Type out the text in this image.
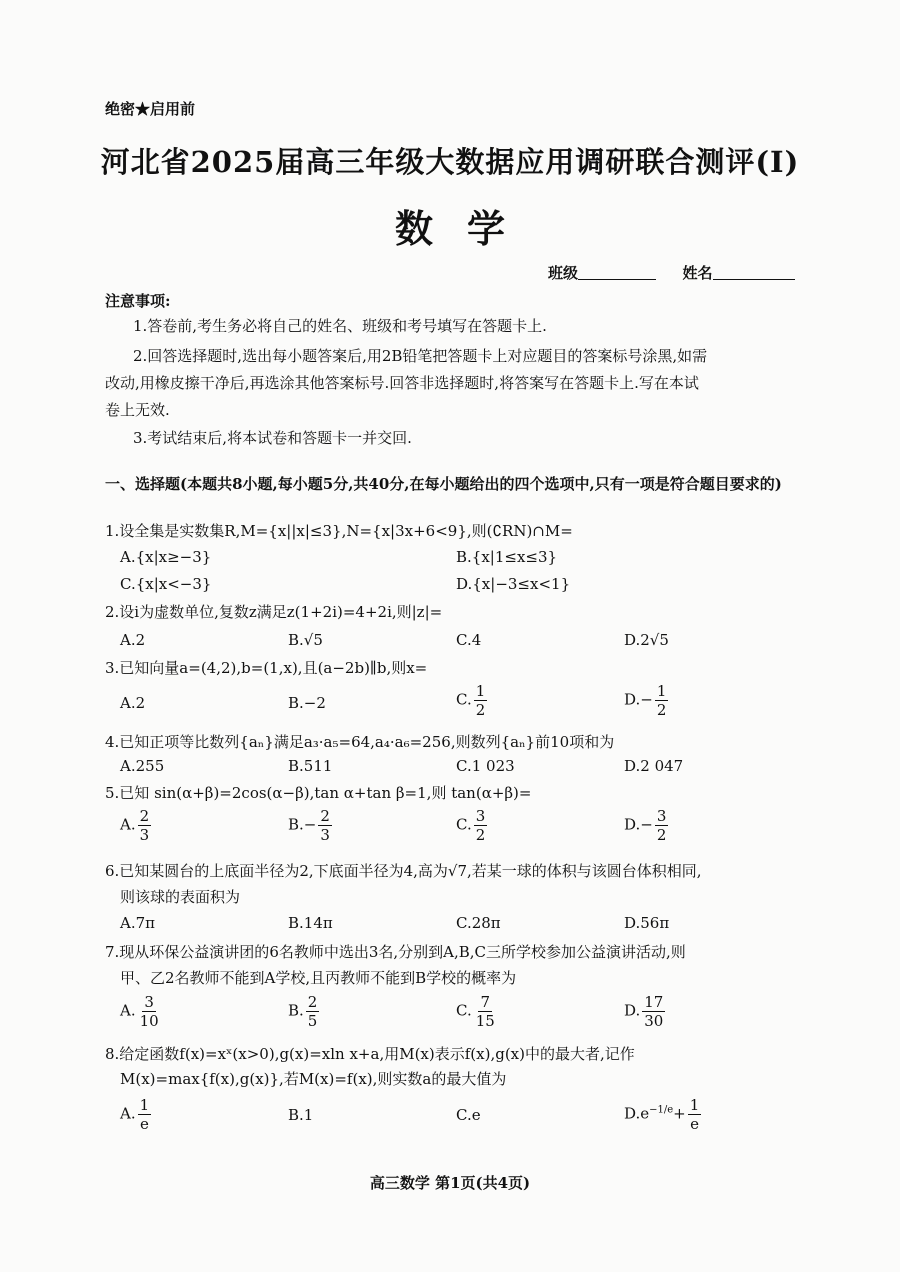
绝密★启用前
河北省2025届高三年级大数据应用调研联合测评(I)
数 学
班级	姓名
注意事项:
1.答卷前,考生务必将自己的姓名、班级和考号填写在答题卡上.
2.回答选择题时,选出每小题答案后,用2B铅笔把答题卡上对应题目的答案标号涂黑,如需
改动,用橡皮擦干净后,再选涂其他答案标号.回答非选择题时,将答案写在答题卡上.写在本试
卷上无效.
3.考试结束后,将本试卷和答题卡一并交回.
一、选择题(本题共8小题,每小题5分,共40分,在每小题给出的四个选项中,只有一项是符合题目要求的)
1.设全集是实数集R,M={x||x|≤3},N={x|3x+6<9},则(∁RN)∩M=
A.{x|x≥−3}	B.{x|1≤x≤3}
C.{x|x<−3}	D.{x|−3≤x<1}
2.设i为虚数单位,复数z满足z(1+2i)=4+2i,则|z|=
A.2	B.√5	C.4	D.2√5
3.已知向量a=(4,2),b=(1,x),且(a−2b)∥b,则x=
A.2	B.−2	C. $\frac{1}{2}$	$D.- \frac{1}{2}$
4.已知正项等比数列{aₙ}满足a₃·a₅=64,a₄·a₆=256,则数列{aₙ}前10项和为
A.255	B.511	C.1 023	D.2 047
5.已知 sin(α+β)=2cos(α−β),tan α+tan β=1,则 tan(α+β)=
A. $\frac{2}{3}$	$B.- \frac{2}{3}$	C. $\frac{3}{2}$	$D.- \frac{3}{2}$
6.已知某圆台的上底面半径为2,下底面半径为4,高为√7,若某一球的体积与该圆台体积相同,
则该球的表面积为
A.7π	B.14π	C.28π	D.56π
7.现从环保公益演讲团的6名教师中选出3名,分别到A,B,C三所学校参加公益演讲活动,则
甲、乙2名教师不能到A学校,且丙教师不能到B学校的概率为
A. $\frac{3}{10}$	B. $\frac{2}{5}$	C. $\frac{7}{15}$	D. $\frac{17}{30}$
8.给定函数f(x)=xˣ(x>0),g(x)=xln x+a,用M(x)表示f(x),g(x)中的最大者,记作
M(x)=max{f(x),g(x)},若M(x)=f(x),则实数a的最大值为
A. $\frac{1}{e}$	B.1	C.e	$D.e^{-1/e}+ \frac{1}{e}$
高三数学 第1页(共4页)
